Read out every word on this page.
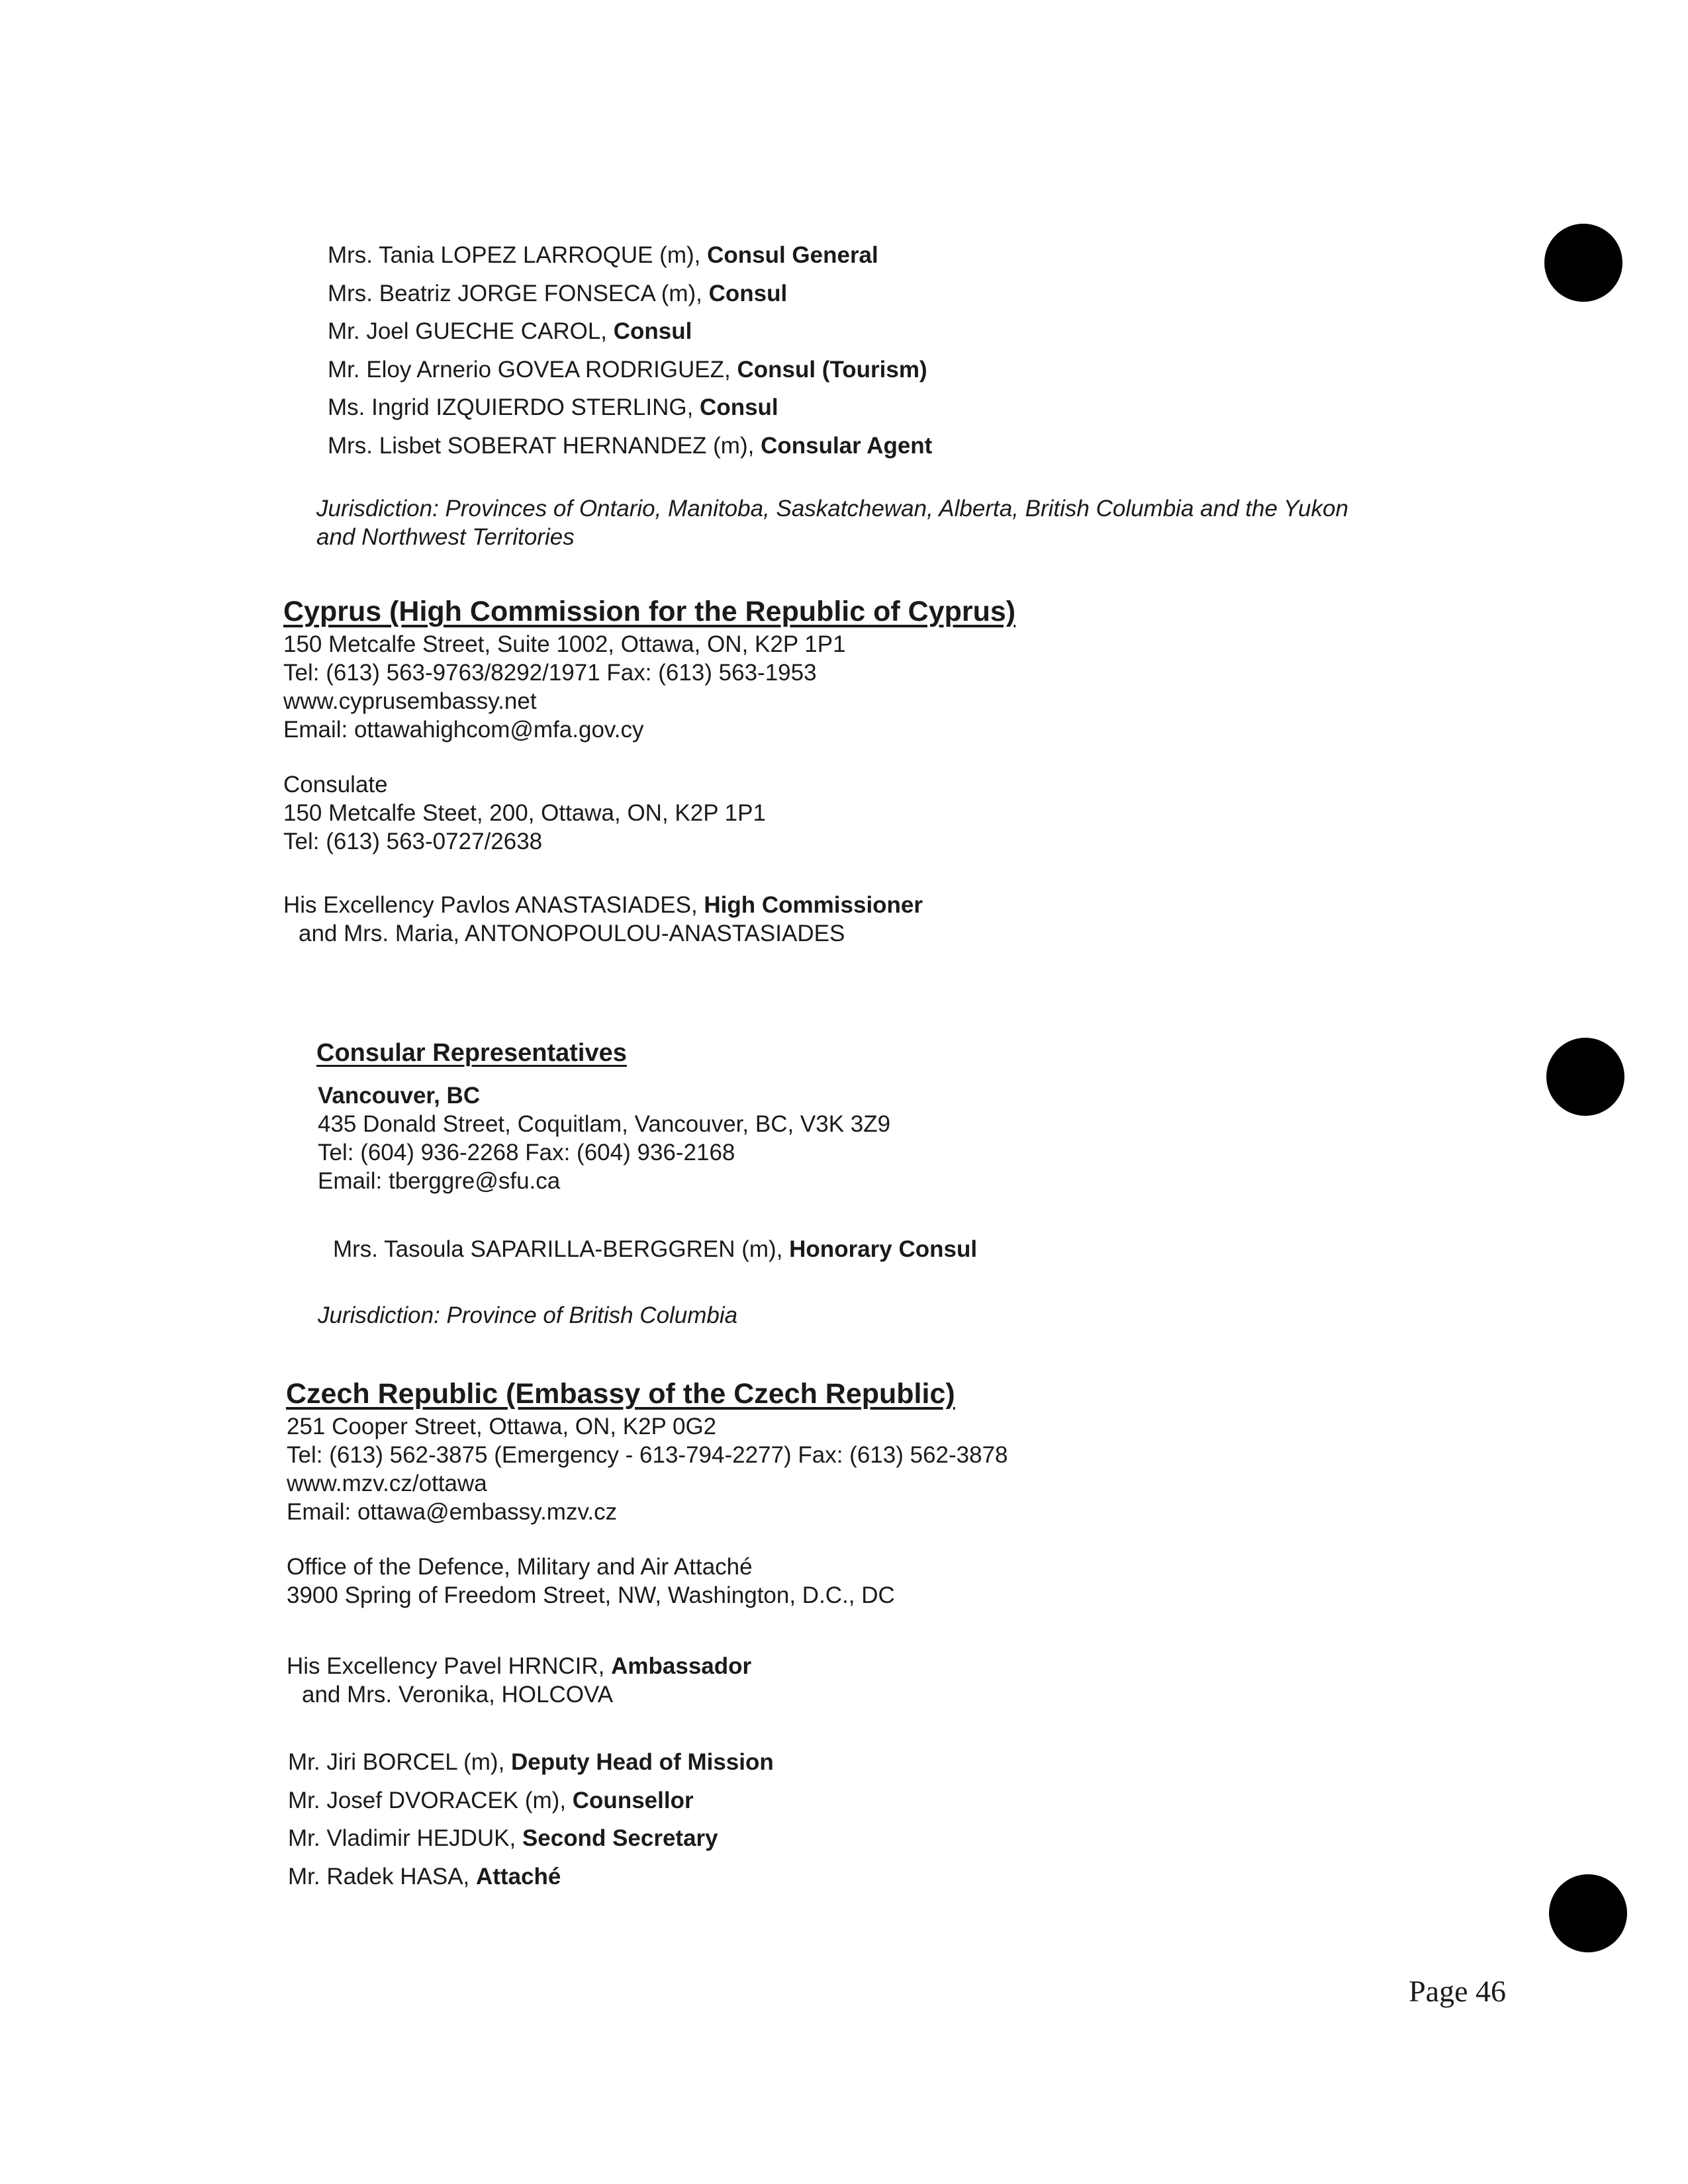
Mrs. Tania LOPEZ LARROQUE (m), Consul General
Mrs. Beatriz JORGE FONSECA (m), Consul
Mr. Joel GUECHE CAROL, Consul
Mr. Eloy Arnerio GOVEA RODRIGUEZ, Consul (Tourism)
Ms. Ingrid IZQUIERDO STERLING, Consul
Mrs. Lisbet SOBERAT HERNANDEZ (m), Consular Agent
Jurisdiction: Provinces of Ontario, Manitoba, Saskatchewan, Alberta, British Columbia and the Yukon
and Northwest Territories
Cyprus (High Commission for the Republic of Cyprus)
150 Metcalfe Street, Suite 1002, Ottawa, ON, K2P 1P1
Tel: (613) 563-9763/8292/1971 Fax: (613) 563-1953
www.cyprusembassy.net
Email: ottawahighcom@mfa.gov.cy
Consulate
150 Metcalfe Steet, 200, Ottawa, ON, K2P 1P1
Tel: (613) 563-0727/2638
His Excellency Pavlos ANASTASIADES, High Commissioner
and Mrs. Maria, ANTONOPOULOU-ANASTASIADES
Consular Representatives
Vancouver, BC
435 Donald Street, Coquitlam, Vancouver, BC, V3K 3Z9
Tel: (604) 936-2268 Fax: (604) 936-2168
Email: tberggre@sfu.ca
Mrs. Tasoula SAPARILLA-BERGGREN (m), Honorary Consul
Jurisdiction: Province of British Columbia
Czech Republic (Embassy of the Czech Republic)
251 Cooper Street, Ottawa, ON, K2P 0G2
Tel: (613) 562-3875 (Emergency - 613-794-2277) Fax: (613) 562-3878
www.mzv.cz/ottawa
Email: ottawa@embassy.mzv.cz
Office of the Defence, Military and Air Attaché
3900 Spring of Freedom Street, NW, Washington, D.C., DC
His Excellency Pavel HRNCIR, Ambassador
and Mrs. Veronika, HOLCOVA
Mr. Jiri BORCEL (m), Deputy Head of Mission
Mr. Josef DVORACEK (m), Counsellor
Mr. Vladimir HEJDUK, Second Secretary
Mr. Radek HASA, Attaché
Page 46
